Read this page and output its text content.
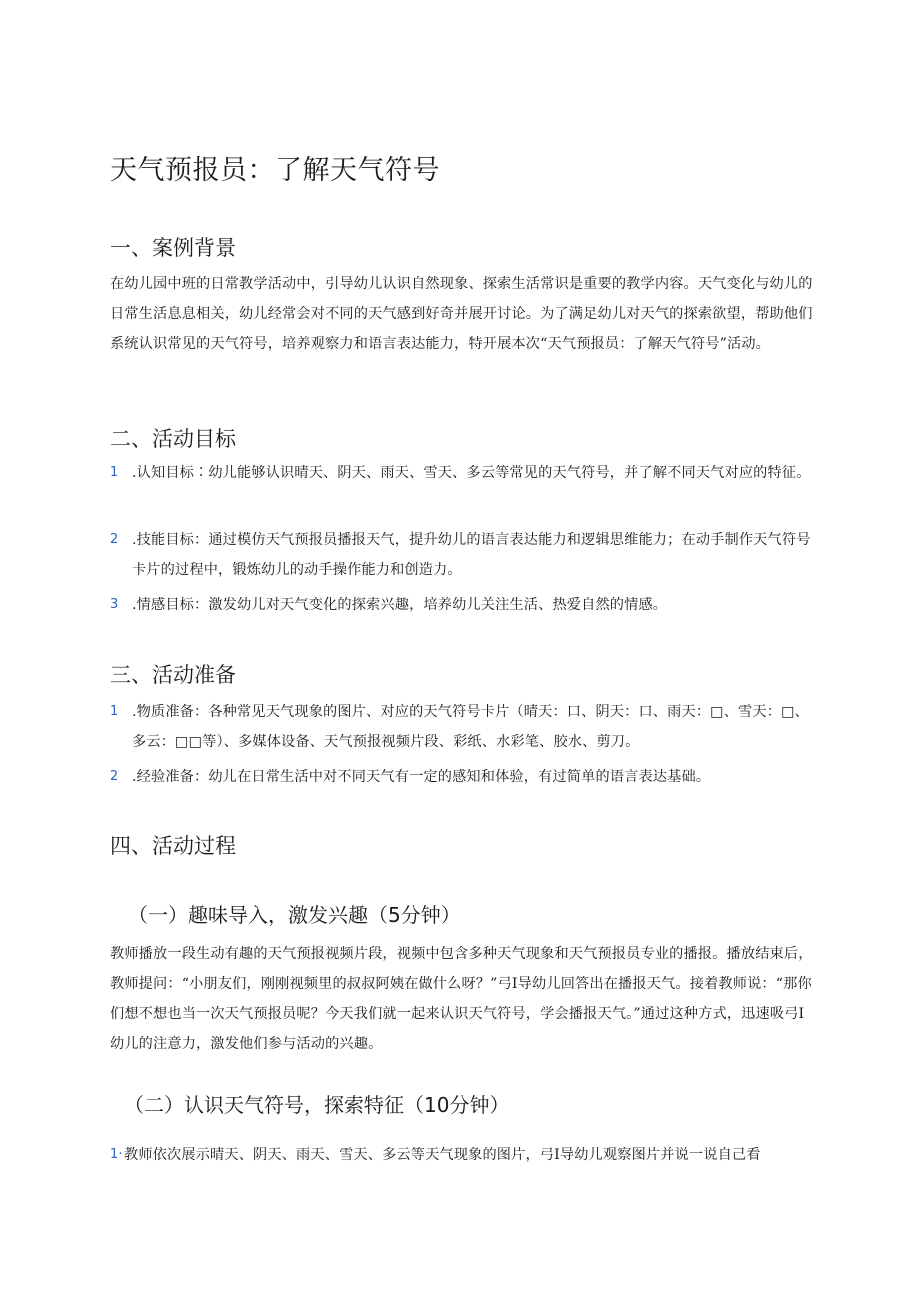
天气预报员：了解天气符号
一、案例背景

在幼儿园中班的日常教学活动中，引导幼儿认识自然现象、探索生活常识是重要的教学内容。天气变化与幼儿的日常生活息息相关，幼儿经常会对不同的天气感到好奇并展开讨论。为了满足幼儿对天气的探索欲望，帮助他们系统认识常见的天气符号，培养观察力和语言表达能力，特开展本次“天气预报员：了解天气符号”活动。

二、活动目标
1 .认知目标∶幼儿能够认识晴天、阴天、雨天、雪天、多云等常见的天气符号，并了解不同天气对应的特征。
2 .技能目标：通过模仿天气预报员播报天气，提升幼儿的语言表达能力和逻辑思维能力；在动手制作天气符号卡片的过程中，锻炼幼儿的动手操作能力和创造力。
3 .情感目标：激发幼儿对天气变化的探索兴趣，培养幼儿关注生活、热爱自然的情感。
三、活动准备
1 .物质准备：各种常见天气现象的图片、对应的天气符号卡片（晴天：口、阴天：口、雨天：□、雪天：□、多云：□□等）、多媒体设备、天气预报视频片段、彩纸、水彩笔、胶水、剪刀。
2 .经验准备：幼儿在日常生活中对不同天气有一定的感知和体验，有过简单的语言表达基础。
四、活动过程
（一）趣味导入，激发兴趣（5分钟）

教师播放一段生动有趣的天气预报视频片段，视频中包含多种天气现象和天气预报员专业的播报。播放结束后，教师提问：“小朋友们，刚刚视频里的叔叔阿姨在做什么呀？”弓I导幼儿回答出在播报天气。接着教师说：“那你们想不想也当一次天气预报员呢？今天我们就一起来认识天气符号，学会播报天气。”通过这种方式，迅速吸弓I幼儿的注意力，激发他们参与活动的兴趣。

（二）认识天气符号，探索特征（10分钟）
1· 教师依次展示晴天、阴天、雨天、雪天、多云等天气现象的图片，弓I导幼儿观察图片并说一说自己看
